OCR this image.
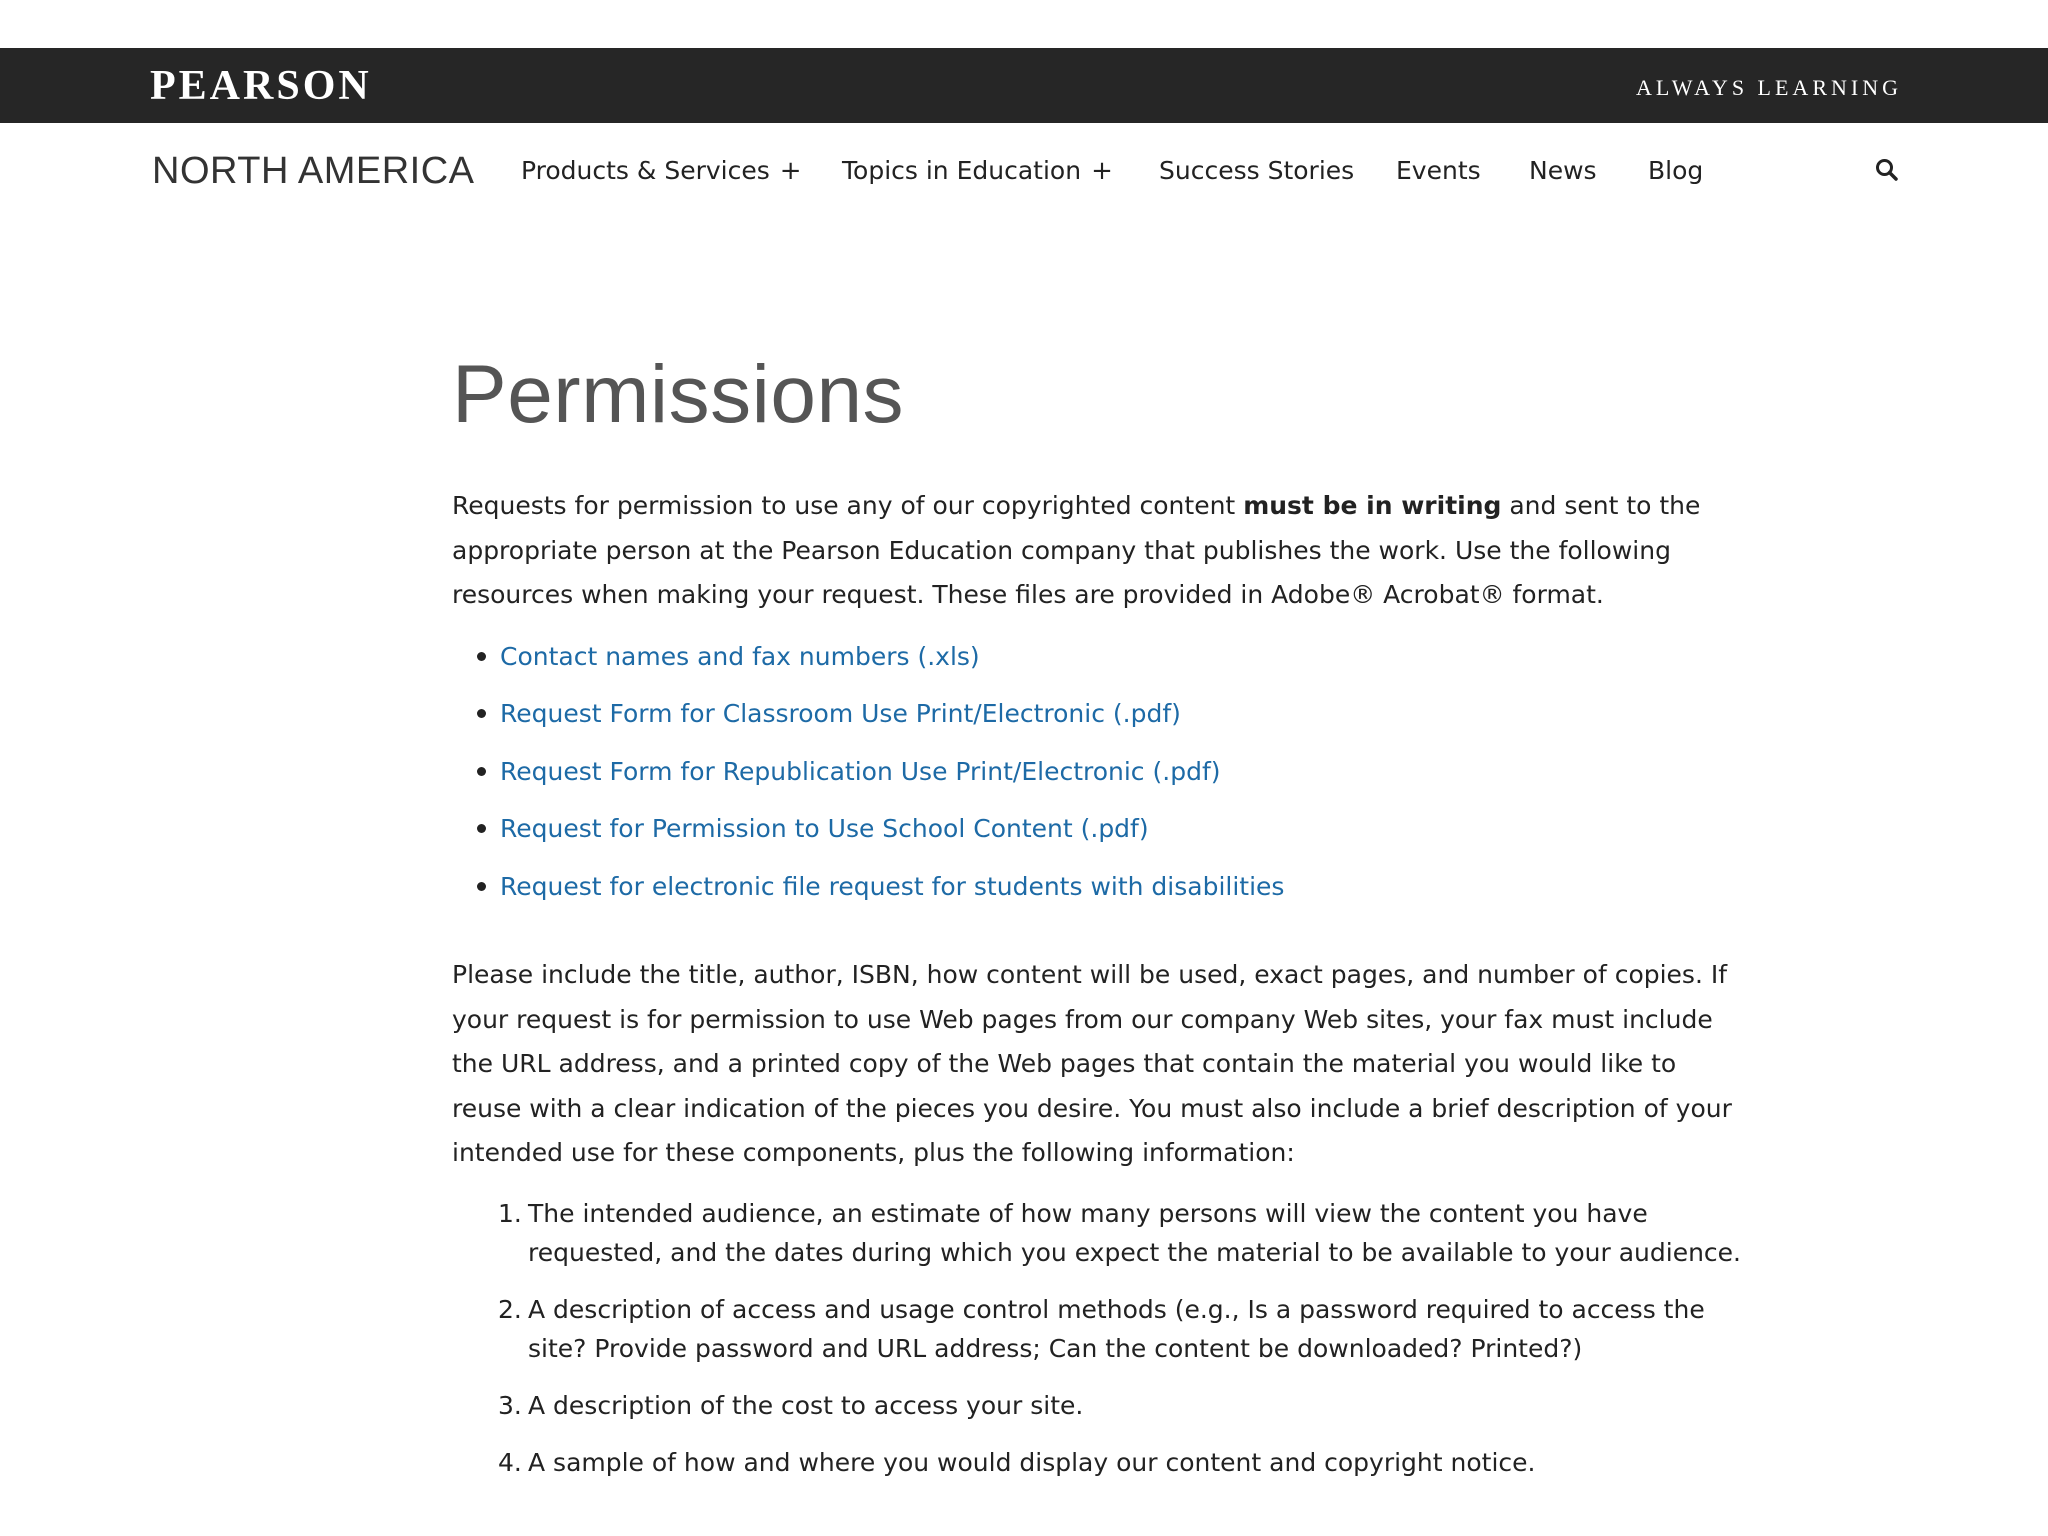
PEARSON	ALWAYS LEARNING
NORTH AMERICA Products & Services + Topics in Education + Success Stories Events News Blog
Permissions

Requests for permission to use any of our copyrighted content must be in writing and sent to the appropriate person at the Pearson Education company that publishes the work. Use the following resources when making your request. These files are provided in Adobe® Acrobat® format.

Contact names and fax numbers (.xls)
Request Form for Classroom Use Print/Electronic (.pdf)
Request Form for Republication Use Print/Electronic (.pdf)
Request for Permission to Use School Content (.pdf)
Request for electronic file request for students with disabilities

Please include the title, author, ISBN, how content will be used, exact pages, and number of copies. If your request is for permission to use Web pages from our company Web sites, your fax must include the URL address, and a printed copy of the Web pages that contain the material you would like to reuse with a clear indication of the pieces you desire. You must also include a brief description of your intended use for these components, plus the following information:

1. The intended audience, an estimate of how many persons will view the content you have requested, and the dates during which you expect the material to be available to your audience.
2. A description of access and usage control methods (e.g., Is a password required to access the site? Provide password and URL address; Can the content be downloaded? Printed?)
3. A description of the cost to access your site.
4. A sample of how and where you would display our content and copyright notice.
